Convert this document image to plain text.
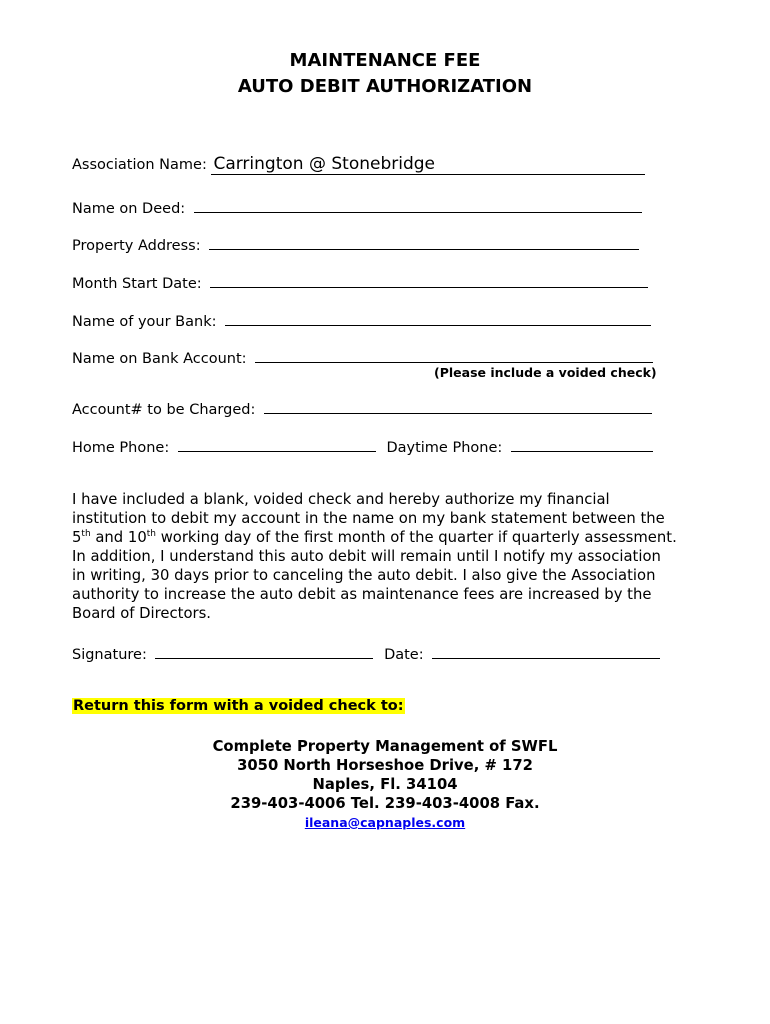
MAINTENANCE FEE
AUTO DEBIT AUTHORIZATION
Association Name: Carrington @ Stonebridge
Name on Deed:
Property Address:
Month Start Date:
Name of your Bank:
Name on Bank Account:
(Please include a voided check)
Account# to be Charged:
Home Phone:	Daytime Phone:

I have included a blank, voided check and hereby authorize my financial

institution to debit my account in the name on my bank statement between the

5th and 10th working day of the first month of the quarter if quarterly assessment.

In addition, I understand this auto debit will remain until I notify my association

in writing, 30 days prior to canceling the auto debit. I also give the Association

authority to increase the auto debit as maintenance fees are increased by the

Board of Directors.

Signature:	Date:
Return this form with a voided check to:
Complete Property Management of SWFL
3050 North Horseshoe Drive, # 172
Naples, Fl. 34104
239-403-4006 Tel. 239-403-4008 Fax.
ileana@capnaples.com
